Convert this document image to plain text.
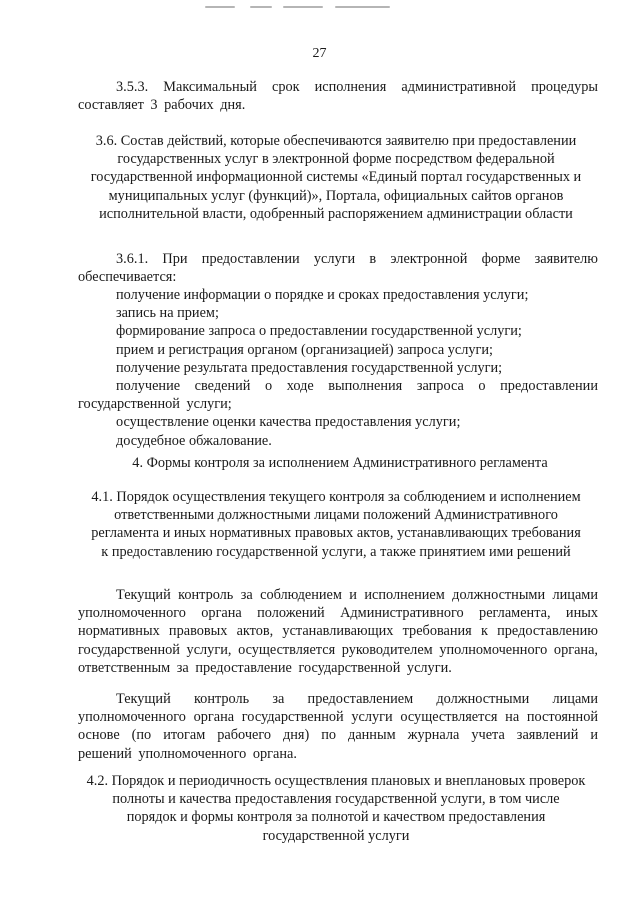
27

3.5.3. Максимальный срок исполнения административной процедуры составляет 3 рабочих дня.

3.6. Состав действий, которые обеспечиваются заявителю при предоставлении государственных услуг в электронной форме посредством федеральной государственной информационной системы «Единый портал государственных и муниципальных услуг (функций)», Портала, официальных сайтов органов исполнительной власти, одобренный распоряжением администрации области

3.6.1. При предоставлении услуги в электронной форме заявителю обеспечивается:

получение информации о порядке и сроках предоставления услуги;
запись на прием;
формирование запроса о предоставлении государственной услуги;
прием и регистрация органом (организацией) запроса услуги;
получение результата предоставления государственной услуги;
получение сведений о ходе выполнения запроса о предоставлении государственной услуги;
осуществление оценки качества предоставления услуги;
досудебное обжалование.

4. Формы контроля за исполнением Административного регламента

4.1. Порядок осуществления текущего контроля за соблюдением и исполнением ответственными должностными лицами положений Административного регламента и иных нормативных правовых актов, устанавливающих требования к предоставлению государственной услуги, а также принятием ими решений

Текущий контроль за соблюдением и исполнением должностными лицами уполномоченного органа положений Административного регламента, иных нормативных правовых актов, устанавливающих требования к предоставлению государственной услуги, осуществляется руководителем уполномоченного органа, ответственным за предоставление государственной услуги.

Текущий контроль за предоставлением должностными лицами уполномоченного органа государственной услуги осуществляется на постоянной основе (по итогам рабочего дня) по данным журнала учета заявлений и решений уполномоченного органа.

4.2. Порядок и периодичность осуществления плановых и внеплановых проверок полноты и качества предоставления государственной услуги, в том числе порядок и формы контроля за полнотой и качеством предоставления государственной услуги
